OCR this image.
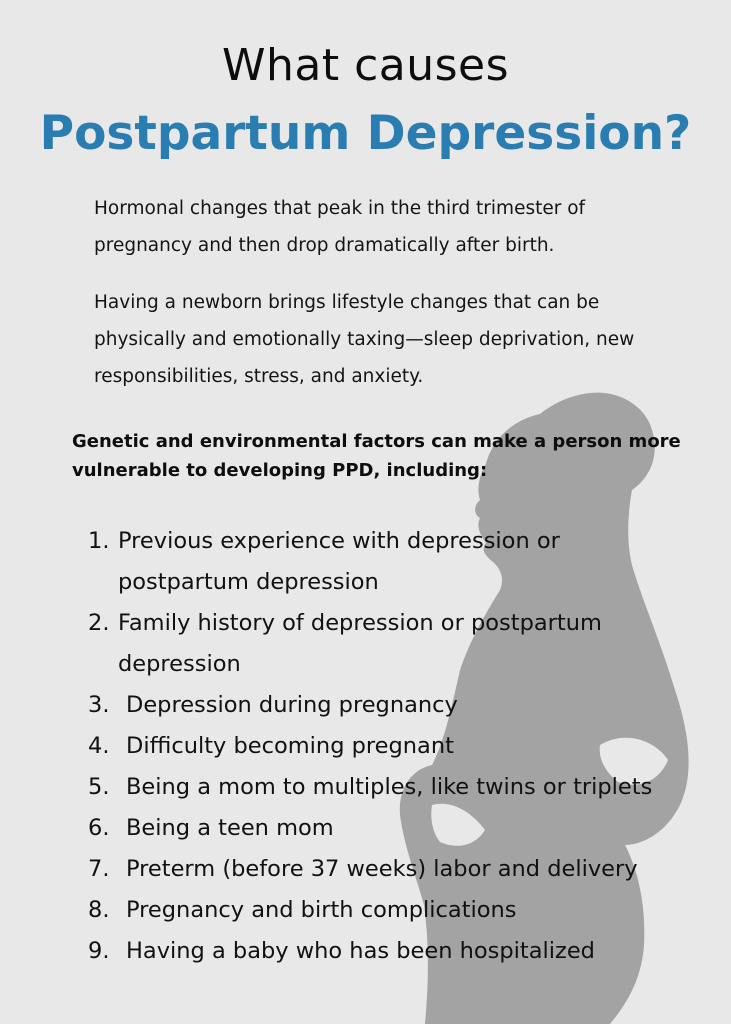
What causes
Postpartum Depression?
Hormonal changes that peak in the third trimester of pregnancy and then drop dramatically after birth.
Having a newborn brings lifestyle changes that can be physically and emotionally taxing—sleep deprivation, new responsibilities, stress, and anxiety.
Genetic and environmental factors can make a person more vulnerable to developing PPD, including:
1. Previous experience with depression or postpartum depression
2. Family history of depression or postpartum depression
3. Depression during pregnancy
4. Difficulty becoming pregnant
5. Being a mom to multiples, like twins or triplets
6. Being a teen mom
7. Preterm (before 37 weeks) labor and delivery
8. Pregnancy and birth complications
9. Having a baby who has been hospitalized
